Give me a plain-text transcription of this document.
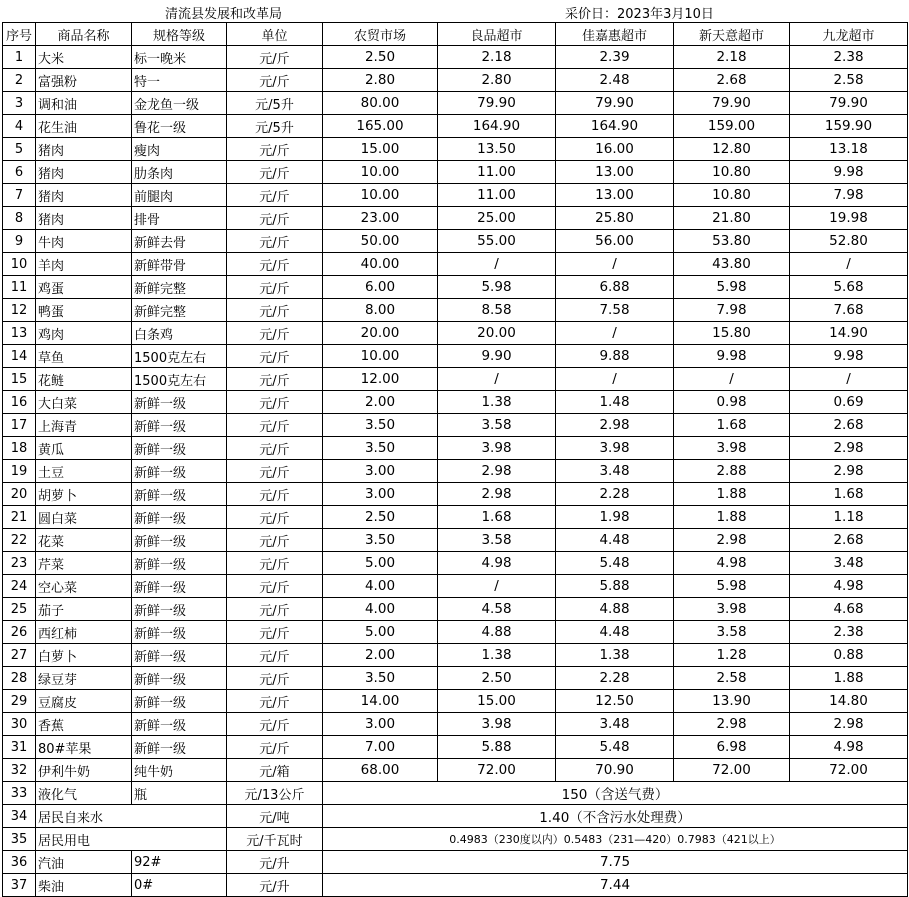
清流县发展和改革局	采价日：2023年3月10日
序号	商品名称	规格等级	单位	农贸市场	良品超市	佳嘉惠超市	新天意超市	九龙超市
1	大米	标一晚米	元/斤	2.50	2.18	2.39	2.18	2.38
2	富强粉	特一	元/斤	2.80	2.80	2.48	2.68	2.58
3	调和油	金龙鱼一级	元/5升	80.00	79.90	79.90	79.90	79.90
4	花生油	鲁花一级	元/5升	165.00	164.90	164.90	159.00	159.90
5	猪肉	瘦肉	元/斤	15.00	13.50	16.00	12.80	13.18
6	猪肉	肋条肉	元/斤	10.00	11.00	13.00	10.80	9.98
7	猪肉	前腿肉	元/斤	10.00	11.00	13.00	10.80	7.98
8	猪肉	排骨	元/斤	23.00	25.00	25.80	21.80	19.98
9	牛肉	新鲜去骨	元/斤	50.00	55.00	56.00	53.80	52.80
10	羊肉	新鲜带骨	元/斤	40.00	/	/	43.80	/
11	鸡蛋	新鲜完整	元/斤	6.00	5.98	6.88	5.98	5.68
12	鸭蛋	新鲜完整	元/斤	8.00	8.58	7.58	7.98	7.68
13	鸡肉	白条鸡	元/斤	20.00	20.00	/	15.80	14.90
14	草鱼	1500克左右	元/斤	10.00	9.90	9.88	9.98	9.98
15	花鲢	1500克左右	元/斤	12.00	/	/	/	/
16	大白菜	新鲜一级	元/斤	2.00	1.38	1.48	0.98	0.69
17	上海青	新鲜一级	元/斤	3.50	3.58	2.98	1.68	2.68
18	黄瓜	新鲜一级	元/斤	3.50	3.98	3.98	3.98	2.98
19	土豆	新鲜一级	元/斤	3.00	2.98	3.48	2.88	2.98
20	胡萝卜	新鲜一级	元/斤	3.00	2.98	2.28	1.88	1.68
21	圆白菜	新鲜一级	元/斤	2.50	1.68	1.98	1.88	1.18
22	花菜	新鲜一级	元/斤	3.50	3.58	4.48	2.98	2.68
23	芹菜	新鲜一级	元/斤	5.00	4.98	5.48	4.98	3.48
24	空心菜	新鲜一级	元/斤	4.00	/	5.88	5.98	4.98
25	茄子	新鲜一级	元/斤	4.00	4.58	4.88	3.98	4.68
26	西红柿	新鲜一级	元/斤	5.00	4.88	4.48	3.58	2.38
27	白萝卜	新鲜一级	元/斤	2.00	1.38	1.38	1.28	0.88
28	绿豆芽	新鲜一级	元/斤	3.50	2.50	2.28	2.58	1.88
29	豆腐皮	新鲜一级	元/斤	14.00	15.00	12.50	13.90	14.80
30	香蕉	新鲜一级	元/斤	3.00	3.98	3.48	2.98	2.98
31	80#苹果	新鲜一级	元/斤	7.00	5.88	5.48	6.98	4.98
32	伊利牛奶	纯牛奶	元/箱	68.00	72.00	70.90	72.00	72.00
33	液化气	瓶	元/13公斤	150（含送气费）				
34	居民自来水		元/吨	1.40（不含污水处理费）				
35	居民用电		元/千瓦时	0.4983（230度以内）0.5483（231—420）0.7983（421以上）				
36	汽油	92#	元/升	7.75				
37	柴油	0#	元/升	7.44				
